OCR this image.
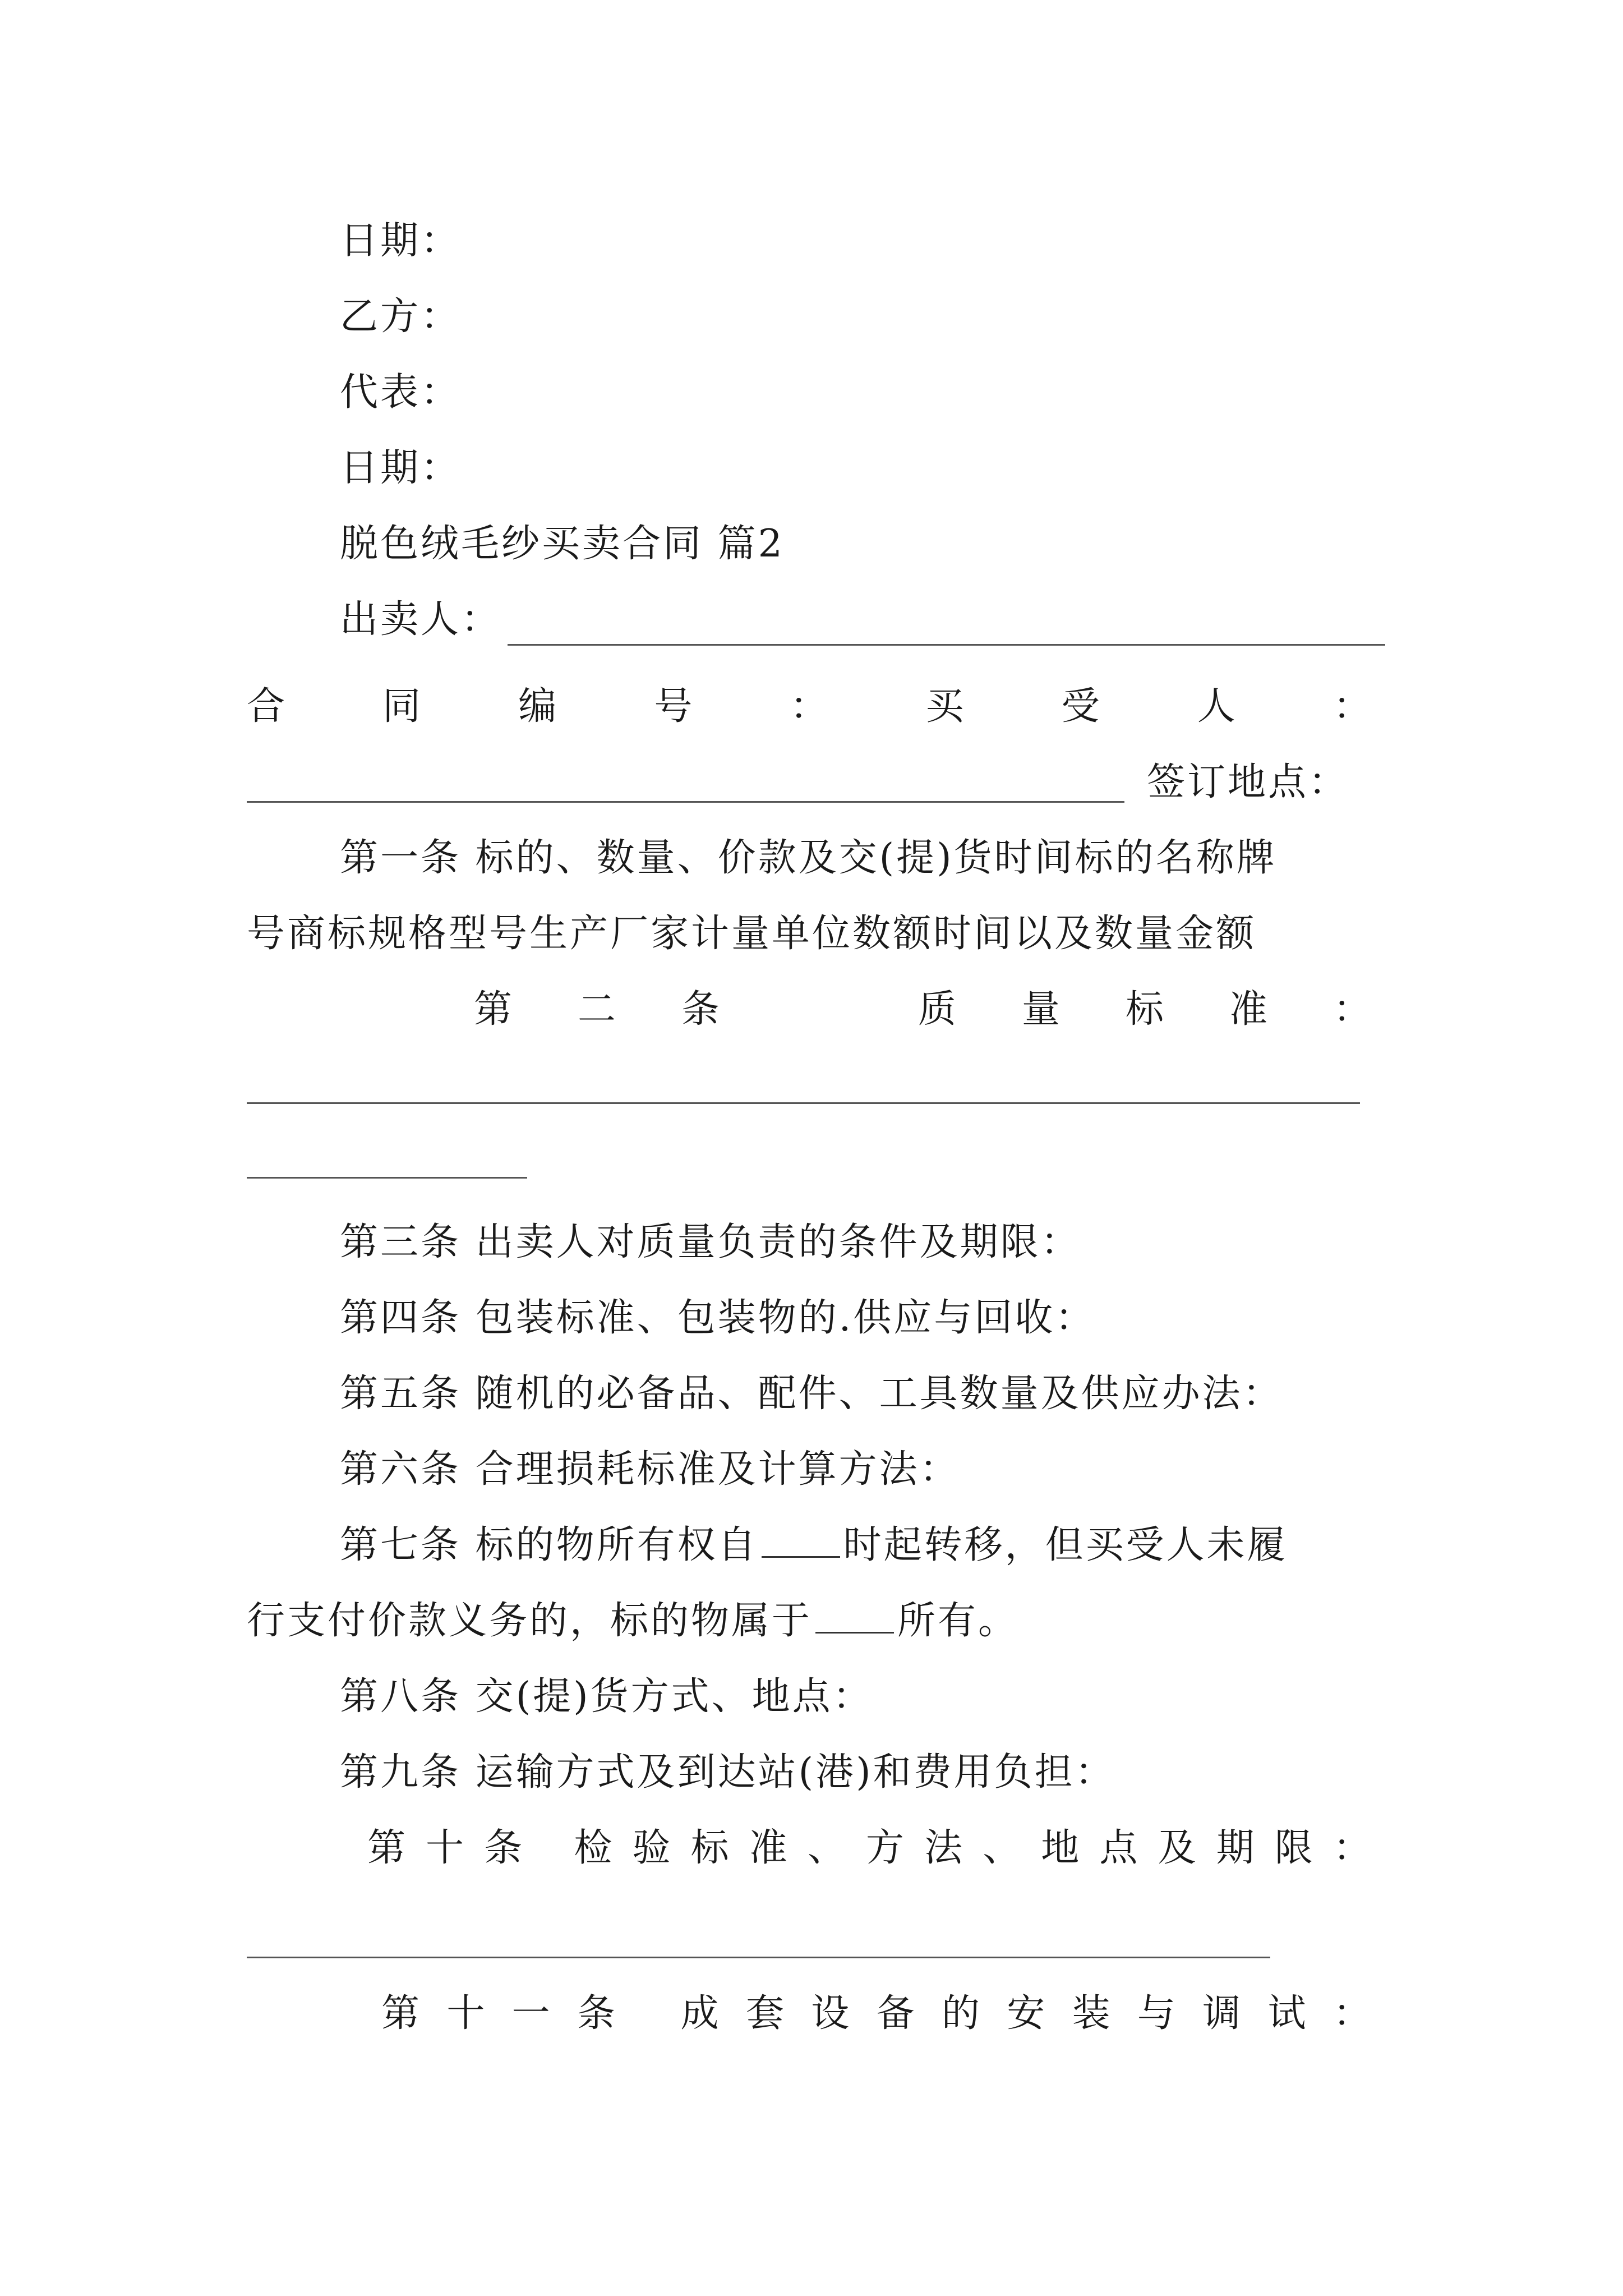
日期：
乙方：
代表：
日期：
脱色绒毛纱买卖合同 篇2
出卖人：
合	同	编	号	：	买	受	人	：
签订地点：
第一条 标的、数量、价款及交(提)货时间标的名称牌
号商标规格型号生产厂家计量单位数额时间以及数量金额
第 二 条	质 量 标 准 ：
第三条 出卖人对质量负责的条件及期限：
第四条 包装标准、包装物的.供应与回收：
第五条 随机的必备品、配件、工具数量及供应办法：
第六条 合理损耗标准及计算方法：
第七条 标的物所有权自 时起转移，但买受人未履
行支付价款义务的，标的物属于 所有。
第八条 交(提)货方式、地点：
第九条 运输方式及到达站(港)和费用负担：
第 十 条 检 验 标 准 、 方 法 、 地 点 及 期 限 ：
第 十 一 条 成 套 设 备 的 安 装 与 调 试 ：
